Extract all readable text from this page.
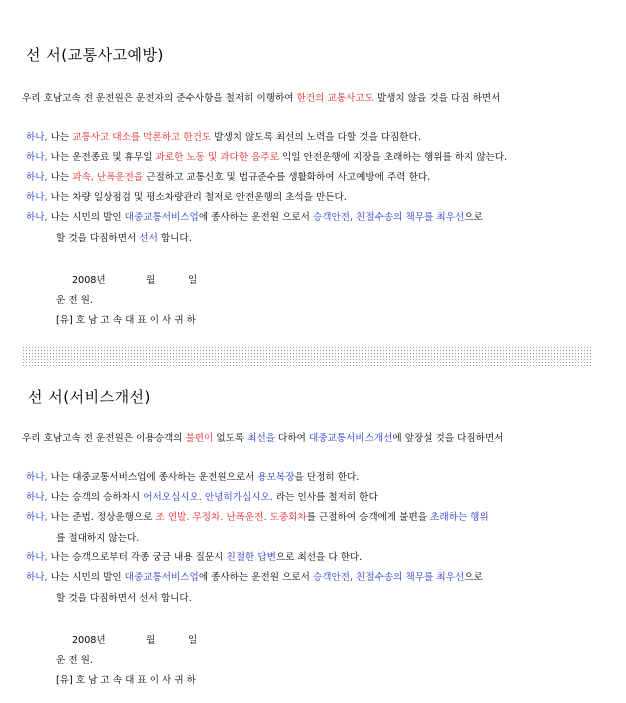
선 서(교통사고예방)
우리 호남고속 전 운전원은 운전자의 준수사항을 철저히 이행하여 한건의 교통사고도 발생치 않을 것을 다짐 하면서
하나, 나는 교통사고 대소를 막론하고 한건도 발생치 않도록 최선의 노력을 다할 것을 다짐한다.
하나, 나는 운전종료 및 휴무일 과로한 노동 및 과다한 음주로 익일 안전운행에 지장을 초래하는 행위를 하지 않는다.
하나, 나는 과속, 난폭운전을 근절하고 교통신호 및 법규준수를 생활화하여 사고예방에 주력 한다.
하나, 나는 차량 일상점검 및 평소차량관리 철저로 안전운행의 초석을 만든다.
하나, 나는 시민의 발인 대중교통서비스업에 종사하는 운전원 으로서 승객안전, 친절수송의 책무를 최우선으로
할 것을 다짐하면서 선서 합니다.
2008년	월	일
운 전 원.
[유] 호 남 고 속 대 표 이 사 귀 하
선 서(서비스개선)
우리 호남고속 전 운전원은 이용승객의 불편이 없도록 최선을 다하여 대중교통서비스개선에 앞장설 것을 다짐하면서
하나, 나는 대중교통서비스업에 종사하는 운전원으로서 용모복장을 단정히 한다.
하나, 나는 승객의 승하차시 어서오십시오. 안녕히가십시오. 라는 인사를 철저히 한다
하나, 나는 준법. 정상운행으로 조 연발. 무정차. 난폭운전. 도중회차를 근절하여 승객에게 불편을 초래하는 행위
하나, 나는 승객으로부터 각종 궁금 내용 질문시 친절한 답변으로 최선을 다 한다.
하나, 나는 시민의 발인 대중교통서비스업에 종사하는 운전원 으로서 승객안전, 친절수송의 책무를 최우선으로
를 절대하지 않는다.
할 것을 다짐하면서 선서 합니다.
2008년	월	일
운 전 원.
[유] 호 남 고 속 대 표 이 사 귀 하
